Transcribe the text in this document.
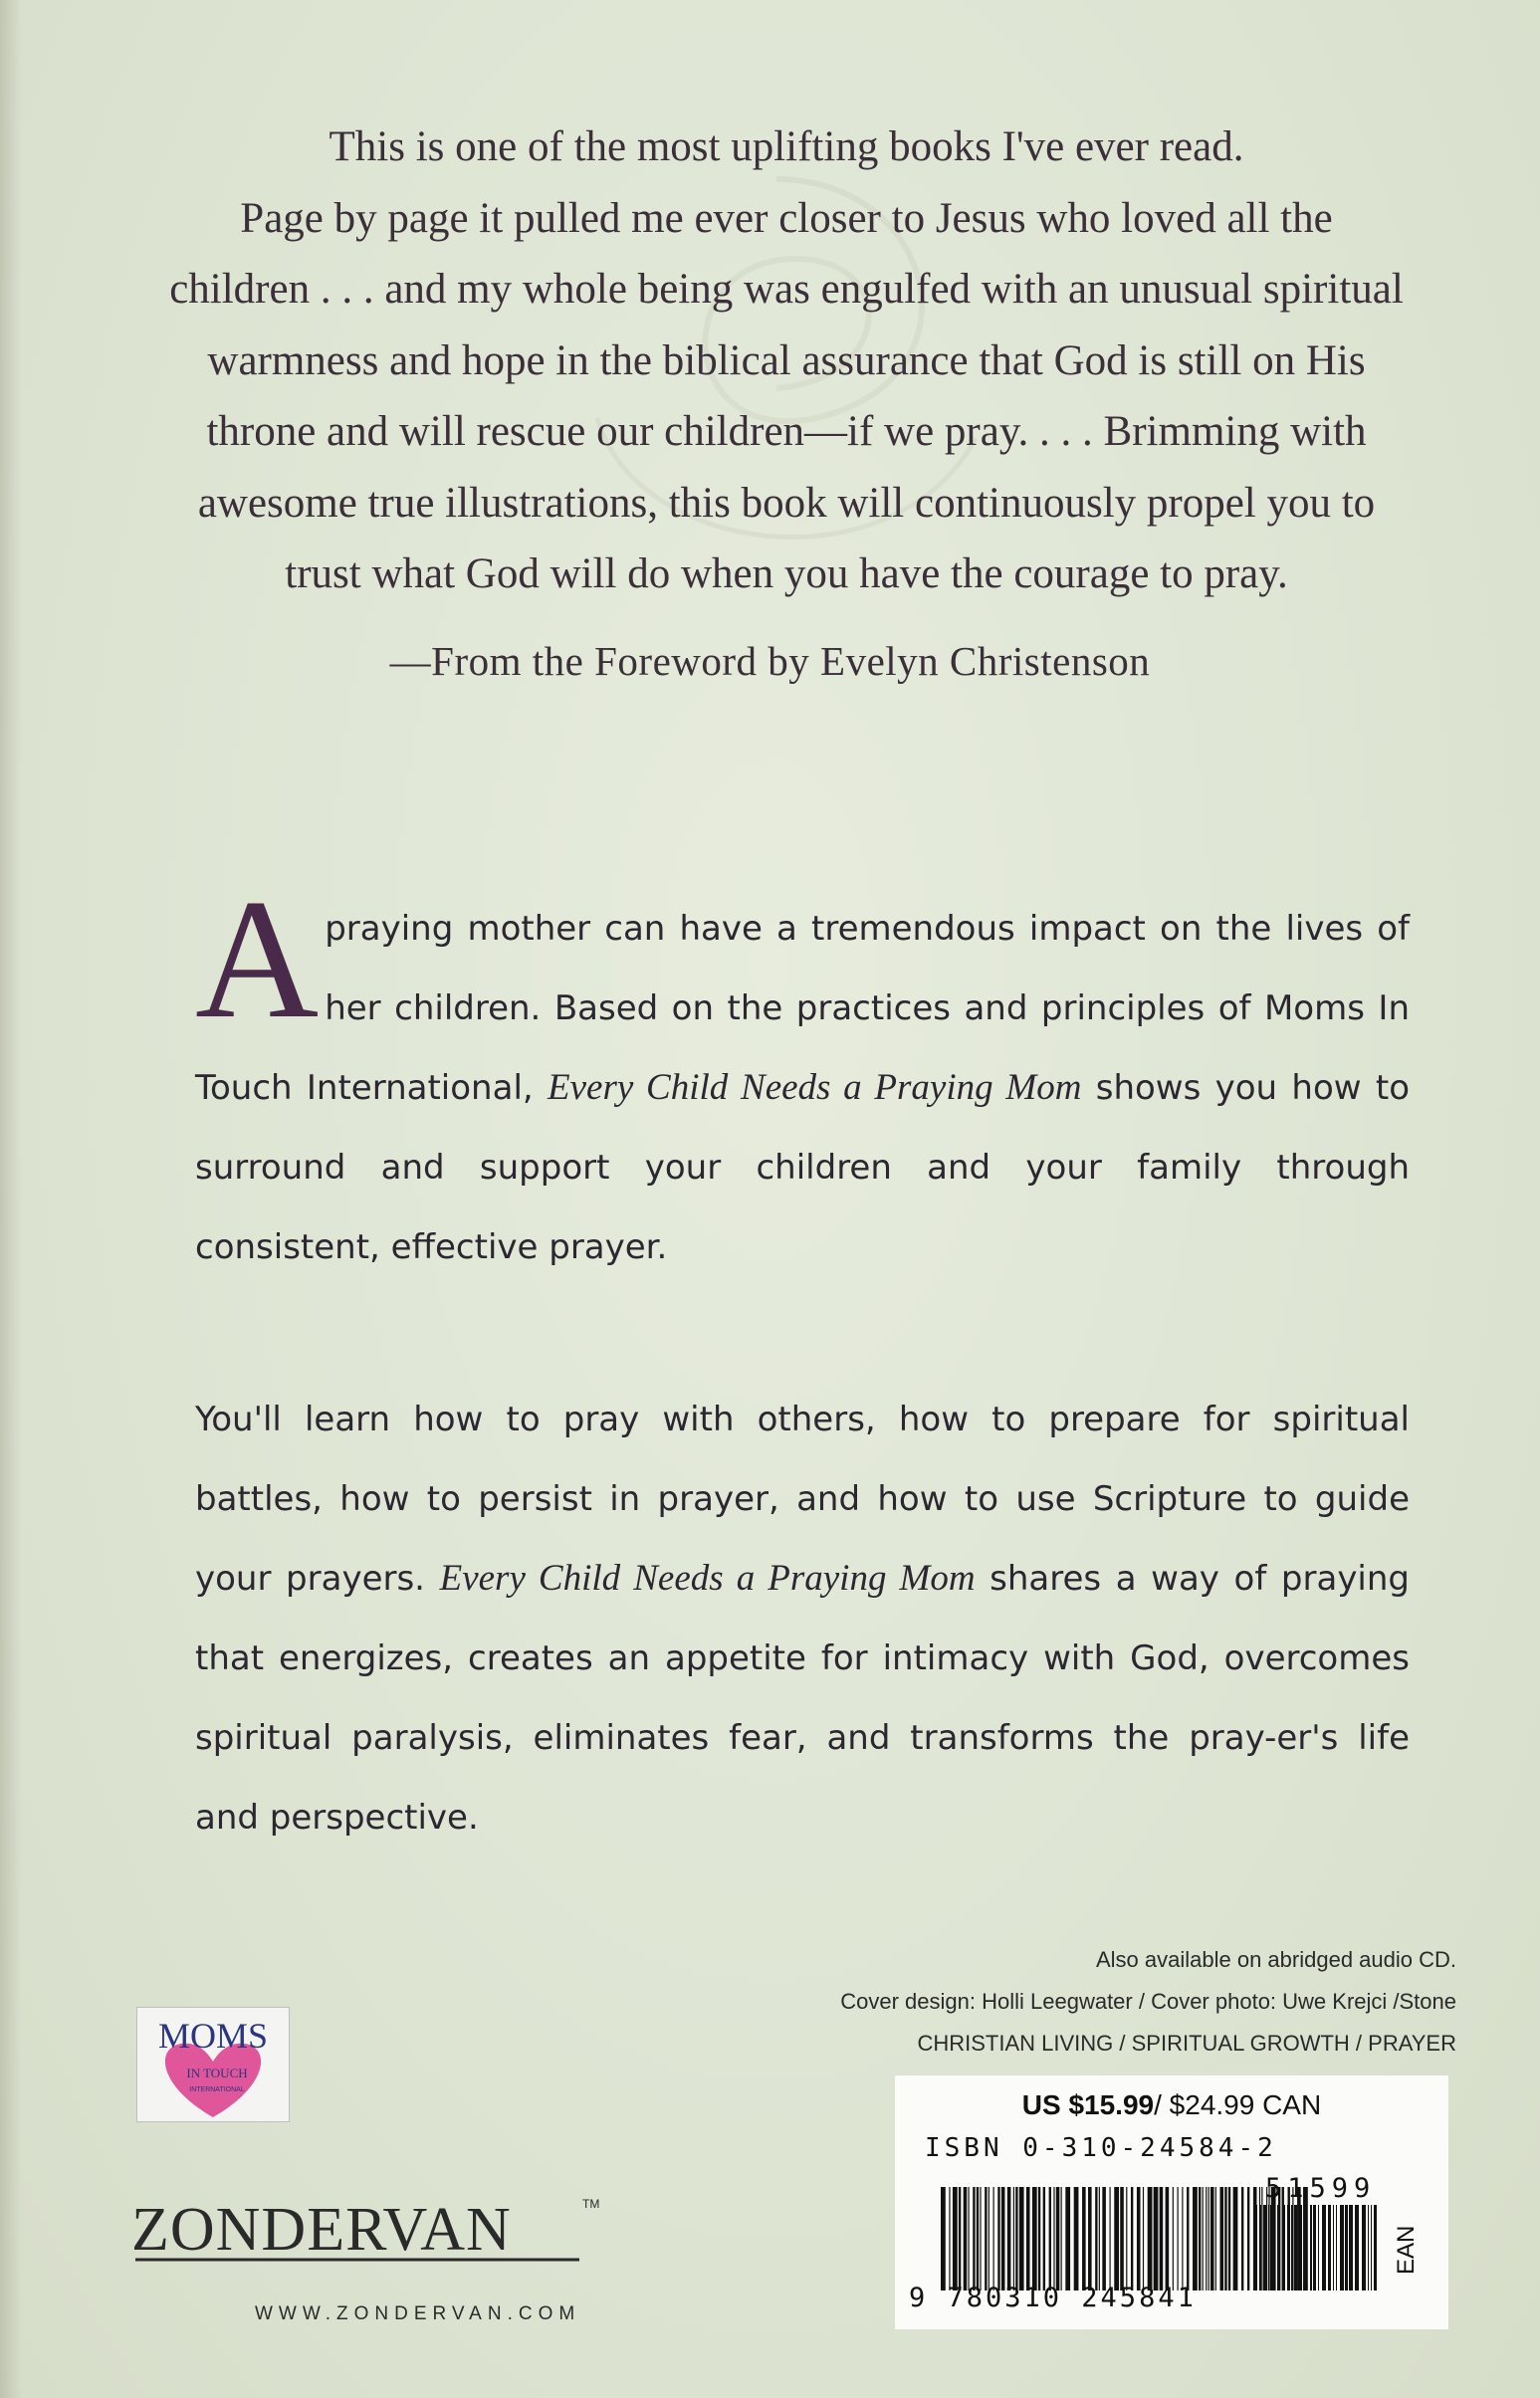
This is one of the most uplifting books I've ever read.

Page by page it pulled me ever closer to Jesus who loved all the

children . . . and my whole being was engulfed with an unusual spiritual

warmness and hope in the biblical assurance that God is still on His

throne and will rescue our children—if we pray. . . . Brimming with

awesome true illustrations, this book will continuously propel you to

trust what God will do when you have the courage to pray.

—From the Foreword by Evelyn Christenson
A praying mother can have a tremendous impact on the lives of her children. Based on the practices and principles of Moms In Touch International, Every Child Needs a Praying Mom shows you how to surround and support your children and your family through consistent, effective prayer.
You'll learn how to pray with others, how to prepare for spiritual battles, how to persist in prayer, and how to use Scripture to guide your prayers. Every Child Needs a Praying Mom shares a way of praying that energizes, creates an appetite for intimacy with God, overcomes spiritual paralysis, eliminates fear, and transforms the pray-er's life and perspective.
Also available on abridged audio CD.
Cover design: Holli Leegwater / Cover photo: Uwe Krejci /Stone
CHRISTIAN LIVING / SPIRITUAL GROWTH / PRAYER
MOMS
IN TOUCH
INTERNATIONAL
ZONDERVAN	TM
WWW.ZONDERVAN.COM
US $15.99/ $24.99 CAN
ISBN 0-310-24584-2
51599
9 780310 245841
EAN
